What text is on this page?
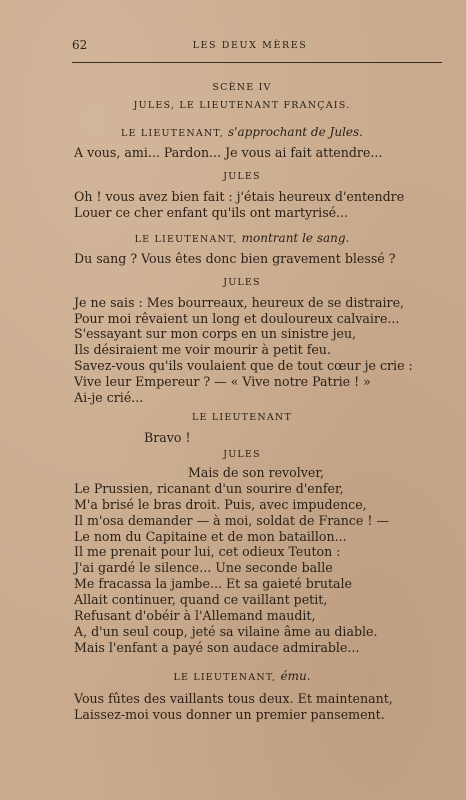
62	LES DEUX MÈRES
SCÈNE IV
JULES, LE LIEUTENANT FRANÇAIS.
LE LIEUTENANT, s'approchant de Jules.
A vous, ami... Pardon... Je vous ai fait attendre...
JULES
Oh ! vous avez bien fait : j'étais heureux d'entendre
Louer ce cher enfant qu'ils ont martyrisé...
LE LIEUTENANT, montrant le sang.
Du sang ? Vous êtes donc bien gravement blessé ?
JULES
Je ne sais : Mes bourreaux, heureux de se distraire,
Pour moi rêvaient un long et douloureux calvaire...
S'essayant sur mon corps en un sinistre jeu,
Ils désiraient me voir mourir à petit feu.
Savez-vous qu'ils voulaient que de tout cœur je crie :
Vive leur Empereur ? — « Vive notre Patrie ! »
Ai-je crié...
LE LIEUTENANT
Bravo !
JULES
Mais de son revolver,
Le Prussien, ricanant d'un sourire d'enfer,
M'a brisé le bras droit. Puis, avec impudence,
Il m'osa demander — à moi, soldat de France ! —
Le nom du Capitaine et de mon bataillon...
Il me prenait pour lui, cet odieux Teuton :
J'ai gardé le silence... Une seconde balle
Me fracassa la jambe... Et sa gaieté brutale
Allait continuer, quand ce vaillant petit,
Refusant d'obéir à l'Allemand maudit,
A, d'un seul coup, jeté sa vilaine âme au diable.
Mais l'enfant a payé son audace admirable...
LE LIEUTENANT, ému.
Vous fûtes des vaillants tous deux. Et maintenant,
Laissez-moi vous donner un premier pansement.
